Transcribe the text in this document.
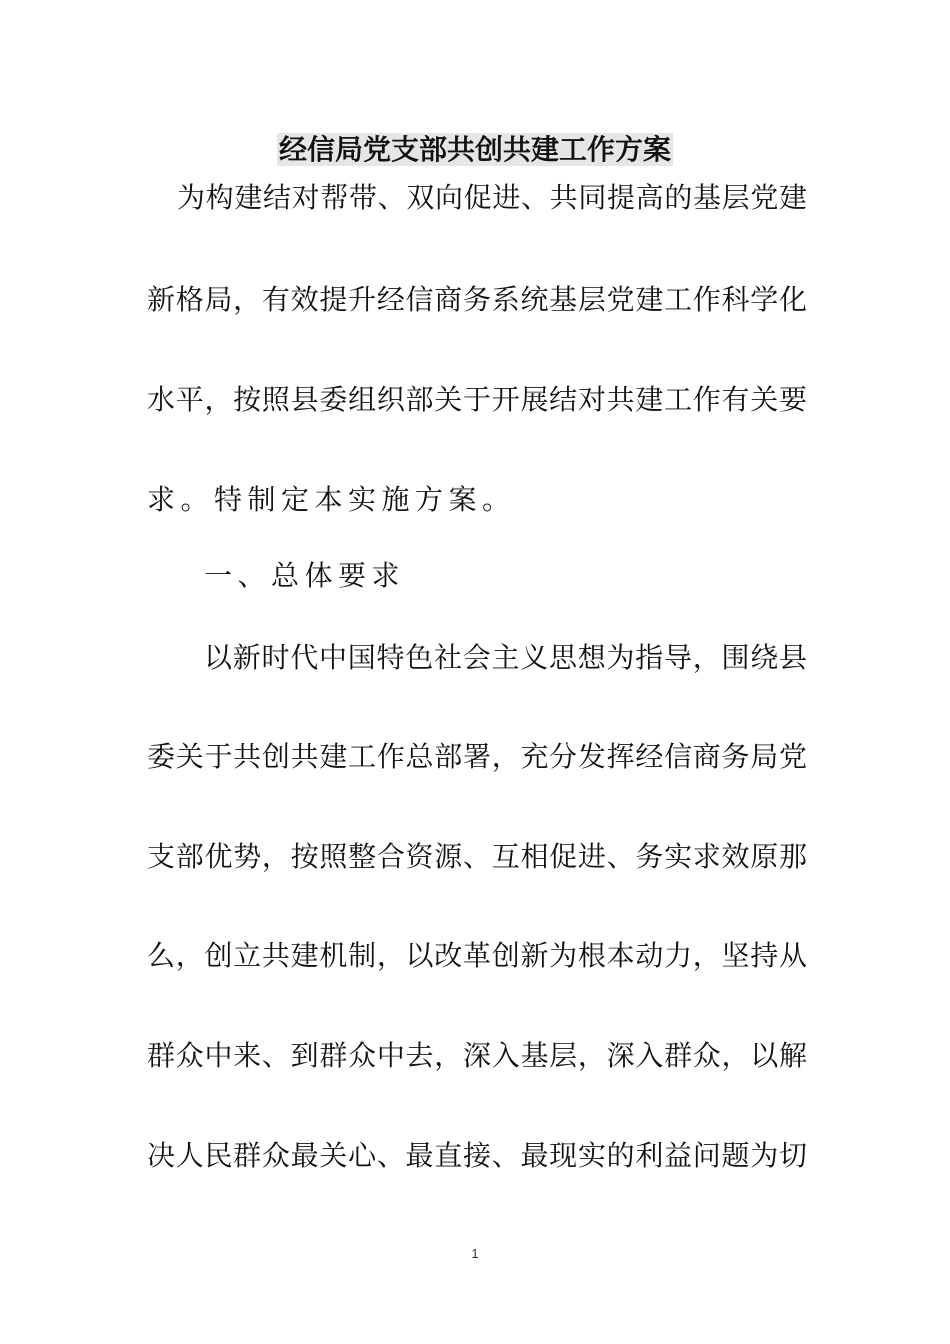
经信局党支部共创共建工作方案
为构建结对帮带、双向促进、共同提高的基层党建
新格局，有效提升经信商务系统基层党建工作科学化
水平，按照县委组织部关于开展结对共建工作有关要
求。特制定本实施方案。
一、总体要求
以新时代中国特色社会主义思想为指导，围绕县
委关于共创共建工作总部署，充分发挥经信商务局党
支部优势，按照整合资源、互相促进、务实求效原那
么，创立共建机制，以改革创新为根本动力，坚持从
群众中来、到群众中去，深入基层，深入群众，以解
决人民群众最关心、最直接、最现实的利益问题为切
1
